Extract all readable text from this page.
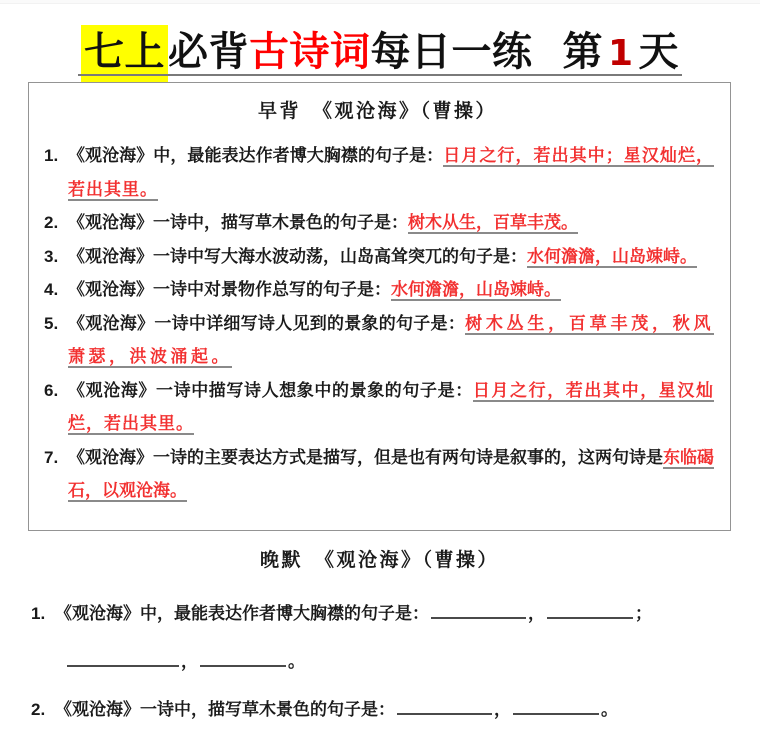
七上必背古诗词每日一练 第 1 天
早背　《观沧海》（曹操）
1. 《观沧海》中，最能表达作者博大胸襟的句子是：日月之行，若出其中；星汉灿烂，若出其里。
2. 《观沧海》一诗中，描写草木景色的句子是：树木从生，百草丰茂。
3. 《观沧海》一诗中写大海水波动荡，山岛高耸突兀的句子是：水何澹澹，山岛竦峙。
4. 《观沧海》一诗中对景物作总写的句子是：水何澹澹，山岛竦峙。
5. 《观沧海》一诗中详细写诗人见到的景象的句子是：树木丛生，百草丰茂，秋风萧瑟，洪波涌起。
6. 《观沧海》一诗中描写诗人想象中的景象的句子是：日月之行，若出其中，星汉灿烂，若出其里。
7. 《观沧海》一诗的主要表达方式是描写，但是也有两句诗是叙事的，这两句诗是东临碣石，以观沧海。
晚默　《观沧海》（曹操）
1. 《观沧海》中，最能表达作者博大胸襟的句子是：	，	；
，	。
2. 《观沧海》一诗中，描写草木景色的句子是：	，	。
